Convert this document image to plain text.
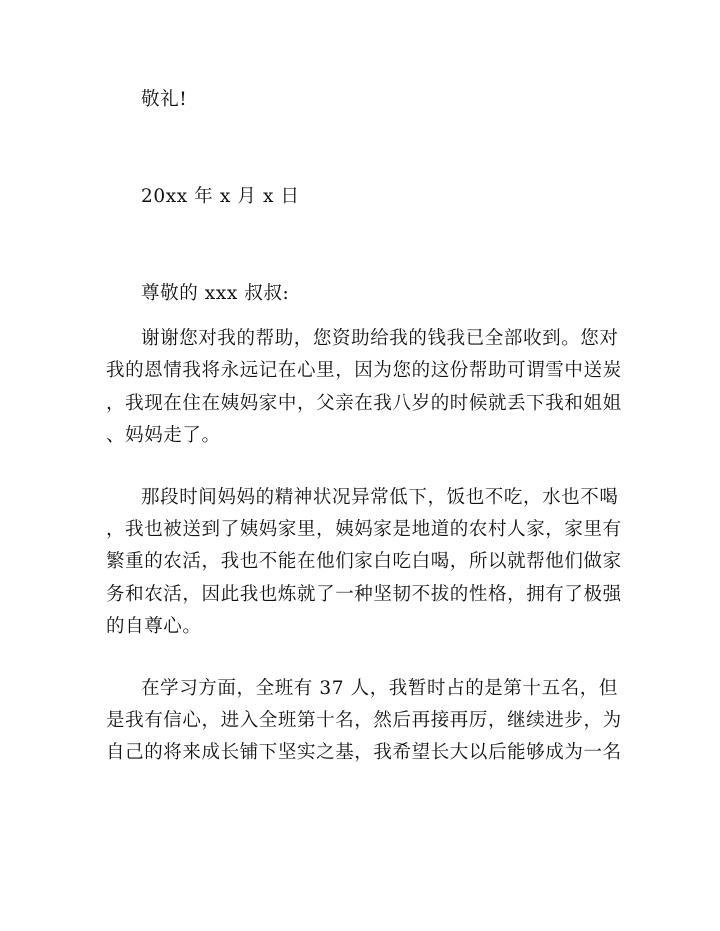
敬礼!
20xx 年 x 月 x 日
尊敬的 xxx 叔叔:
谢谢您对我的帮助，您资助给我的钱我已全部收到。您对
我的恩情我将永远记在心里，因为您的这份帮助可谓雪中送炭
，我现在住在姨妈家中，父亲在我八岁的时候就丢下我和姐姐
、妈妈走了。
那段时间妈妈的精神状况异常低下，饭也不吃，水也不喝
，我也被送到了姨妈家里，姨妈家是地道的农村人家，家里有
繁重的农活，我也不能在他们家白吃白喝，所以就帮他们做家
务和农活，因此我也炼就了一种坚韧不拔的性格，拥有了极强
的自尊心。
在学习方面，全班有 37 人，我暂时占的是第十五名，但
是我有信心，进入全班第十名，然后再接再厉，继续进步，为
自己的将来成长铺下坚实之基，我希望长大以后能够成为一名
